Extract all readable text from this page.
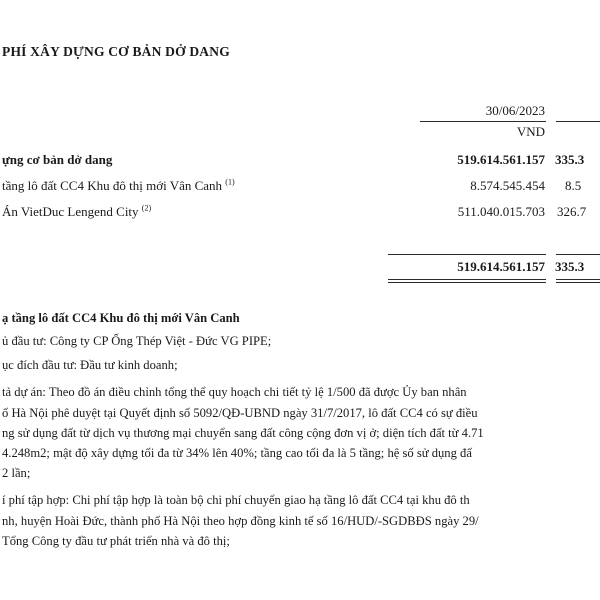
PHÍ XÂY DỰNG CƠ BẢN DỞ DANG
30/06/2023
VND
ựng cơ bản dở dang	519.614.561.157 335.3
tầng lô đất CC4 Khu đô thị mới Vân Canh $^{(1)}$	8.574.545.454 8.5
Án VietDuc Lengend City $^{(2)}$	511.040.015.703 326.7
519.614.561.157 335.3
ạ tầng lô đất CC4 Khu đô thị mới Vân Canh
ủ đầu tư: Công ty CP Ống Thép Việt - Đức VG PIPE;
ục đích đầu tư: Đầu tư kinh doanh;
tả dự án: Theo đồ án điều chỉnh tổng thể quy hoạch chi tiết tỷ lệ 1/500 đã được Ủy ban nhân
ố Hà Nội phê duyệt tại Quyết định số 5092/QĐ-UBND ngày 31/7/2017, lô đất CC4 có sự điều
ng sử dụng đất từ dịch vụ thương mại chuyển sang đất công cộng đơn vị ở; diện tích đất từ 4.71
4.248m2; mật độ xây dựng tối đa từ 34% lên 40%; tầng cao tối đa là 5 tầng; hệ số sử dụng đấ
2 lần;
í phí tập hợp: Chi phí tập hợp là toàn bộ chi phí chuyển giao hạ tầng lô đất CC4 tại khu đô th
nh, huyện Hoài Đức, thành phố Hà Nội theo hợp đồng kinh tế số 16/HUD/-SGDBĐS ngày 29/
Tổng Công ty đầu tư phát triển nhà và đô thị;
